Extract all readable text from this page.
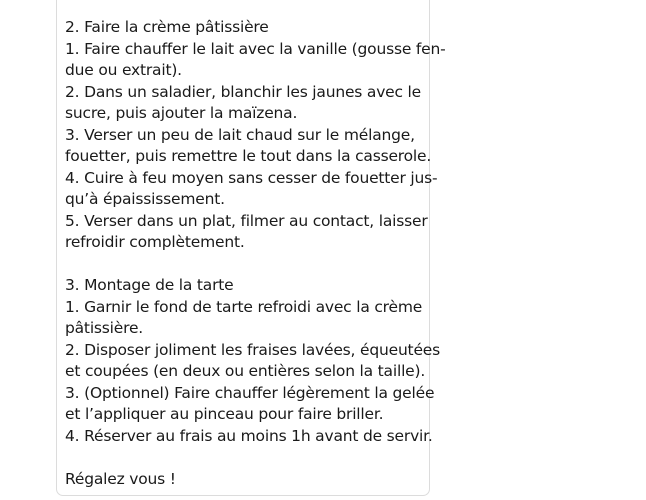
2. Faire la crème pâtissière
1. Faire chauffer le lait avec la vanille (gousse fen-
due ou extrait).
2. Dans un saladier, blanchir les jaunes avec le
sucre, puis ajouter la maïzena.
3. Verser un peu de lait chaud sur le mélange,
fouetter, puis remettre le tout dans la casserole.
4. Cuire à feu moyen sans cesser de fouetter jus-
qu’à épaississement.
5. Verser dans un plat, filmer au contact, laisser
refroidir complètement.
3. Montage de la tarte
1. Garnir le fond de tarte refroidi avec la crème
pâtissière.
2. Disposer joliment les fraises lavées, équeutées
et coupées (en deux ou entières selon la taille).
3. (Optionnel) Faire chauffer légèrement la gelée
et l’appliquer au pinceau pour faire briller.
4. Réserver au frais au moins 1h avant de servir.
Régalez vous !
